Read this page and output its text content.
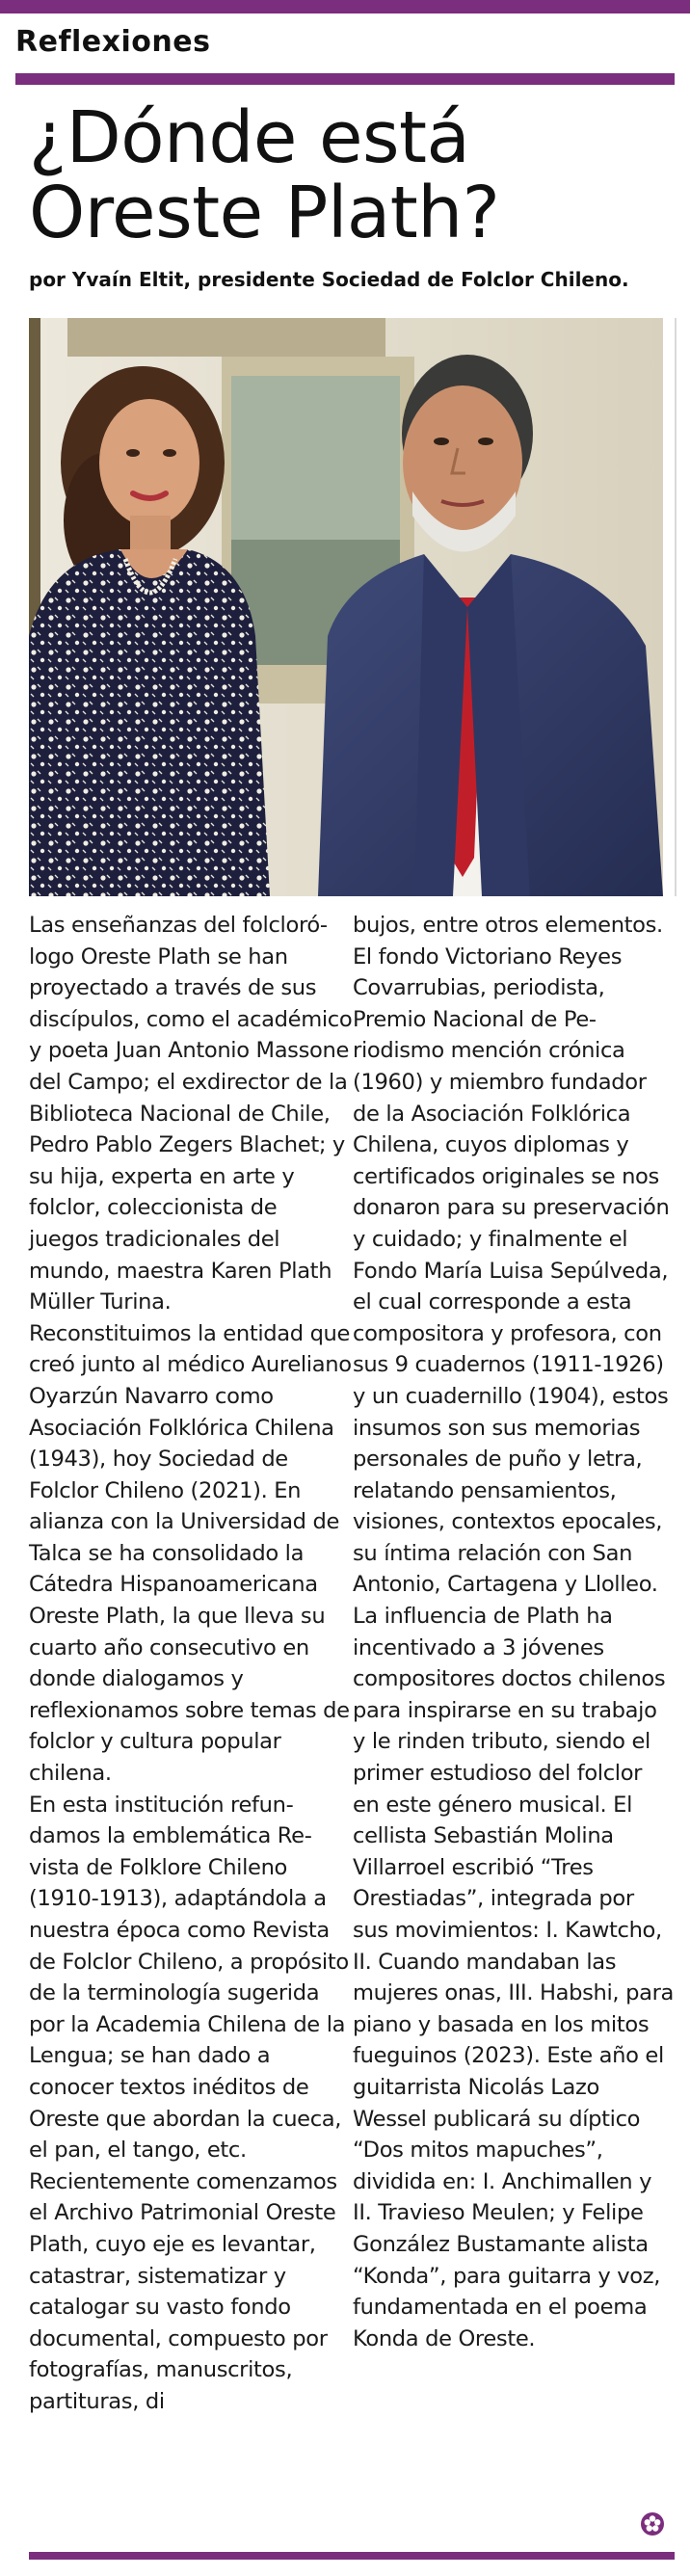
Reflexiones
¿Dónde está
Oreste Plath?
por Yvaín Eltit, presidente Sociedad de Folclor Chileno.

Las enseñanzas del folclorólogo Oreste Plath se han proyectado a través de sus discípulos, como el académico y poeta Juan Antonio Massone del Campo; el exdirector de la Biblioteca Nacional de Chile, Pedro Pablo Zegers Blachet; y su hija, experta en arte y folclor, coleccionista de juegos tradicionales del mundo, maestra Karen Plath Müller Turina.

Reconstituimos la entidad que creó junto al médico Aureliano Oyarzún Navarro como Asociación Folklórica Chilena (1943), hoy Sociedad de Folclor Chileno (2021). En alianza con la Universidad de Talca se ha consolidado la Cátedra Hispanoamericana Oreste Plath, la que lleva su cuarto año consecutivo en donde dialogamos y reflexionamos sobre temas de folclor y cultura popular chilena.

En esta institución refundamos la emblemática Revista de Folklore Chileno (1910-1913), adaptándola a nuestra época como Revista de Folclor Chileno, a propósito de la terminología sugerida por la Academia Chilena de la Lengua; se han dado a conocer textos inéditos de Oreste que abordan la cueca, el pan, el tango, etc.

Recientemente comenzamos el Archivo Patrimonial Oreste Plath, cuyo eje es levantar, catastrar, sistematizar y catalogar su vasto fondo documental, compuesto por fotografías, manuscritos, partituras, di

bujos, entre otros elementos. El fondo Victoriano Reyes Covarrubias, periodista, Premio Nacional de Periodismo mención crónica (1960) y miembro fundador de la Asociación Folklórica Chilena, cuyos diplomas y certificados originales se nos donaron para su preservación y cuidado; y finalmente el Fondo María Luisa Sepúlveda, el cual corresponde a esta compositora y profesora, con sus 9 cuadernos (1911-1926) y un cuadernillo (1904), estos insumos son sus memorias personales de puño y letra, relatando pensamientos, visiones, contextos epocales, su íntima relación con San Antonio, Cartagena y Llolleo.

La influencia de Plath ha incentivado a 3 jóvenes compositores doctos chilenos para inspirarse en su trabajo y le rinden tributo, siendo el primer estudioso del folclor en este género musical. El cellista Sebastián Molina Villarroel escribió “Tres Orestiadas”, integrada por sus movimientos: I. Kawtcho, II. Cuando mandaban las mujeres onas, III. Habshi, para piano y basada en los mitos fueguinos (2023). Este año el guitarrista Nicolás Lazo Wessel publicará su díptico “Dos mitos mapuches”, dividida en: I. Anchimallen y II. Travieso Meulen; y Felipe González Bustamante alista “Konda”, para guitarra y voz, fundamentada en el poema Konda de Oreste.
